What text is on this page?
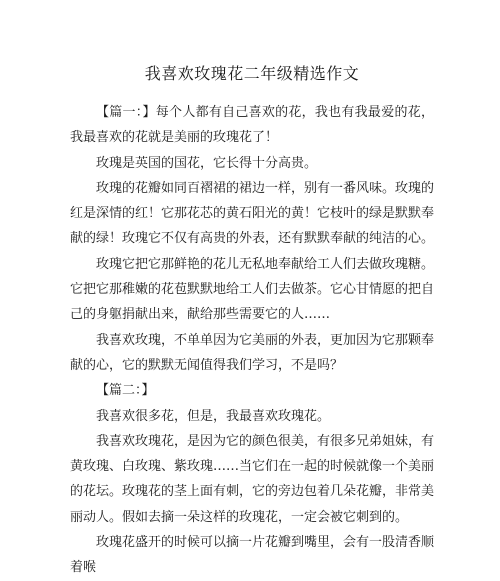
我喜欢玫瑰花二年级精选作文

【篇一：】每个人都有自己喜欢的花，我也有我最爱的花，我最喜欢的花就是美丽的玫瑰花了！

玫瑰是英国的国花，它长得十分高贵。

玫瑰的花瓣如同百褶裙的裙边一样，别有一番风味。玫瑰的红是深情的红！它那花芯的黄石阳光的黄！它枝叶的绿是默默奉献的绿！玫瑰它不仅有高贵的外表，还有默默奉献的纯洁的心。

玫瑰它把它那鲜艳的花儿无私地奉献给工人们去做玫瑰糖。它把它那稚嫩的花苞默默地给工人们去做茶。它心甘情愿的把自己的身躯捐献出来，献给那些需要它的人……

我喜欢玫瑰，不单单因为它美丽的外表，更加因为它那颗奉献的心，它的默默无闻值得我们学习，不是吗？

【篇二：】

我喜欢很多花，但是，我最喜欢玫瑰花。

我喜欢玫瑰花，是因为它的颜色很美，有很多兄弟姐妹，有黄玫瑰、白玫瑰、紫玫瑰……当它们在一起的时候就像一个美丽的花坛。玫瑰花的茎上面有刺，它的旁边包着几朵花瓣，非常美丽动人。假如去摘一朵这样的玫瑰花，一定会被它刺到的。

玫瑰花盛开的时候可以摘一片花瓣到嘴里，会有一股清香顺着喉
